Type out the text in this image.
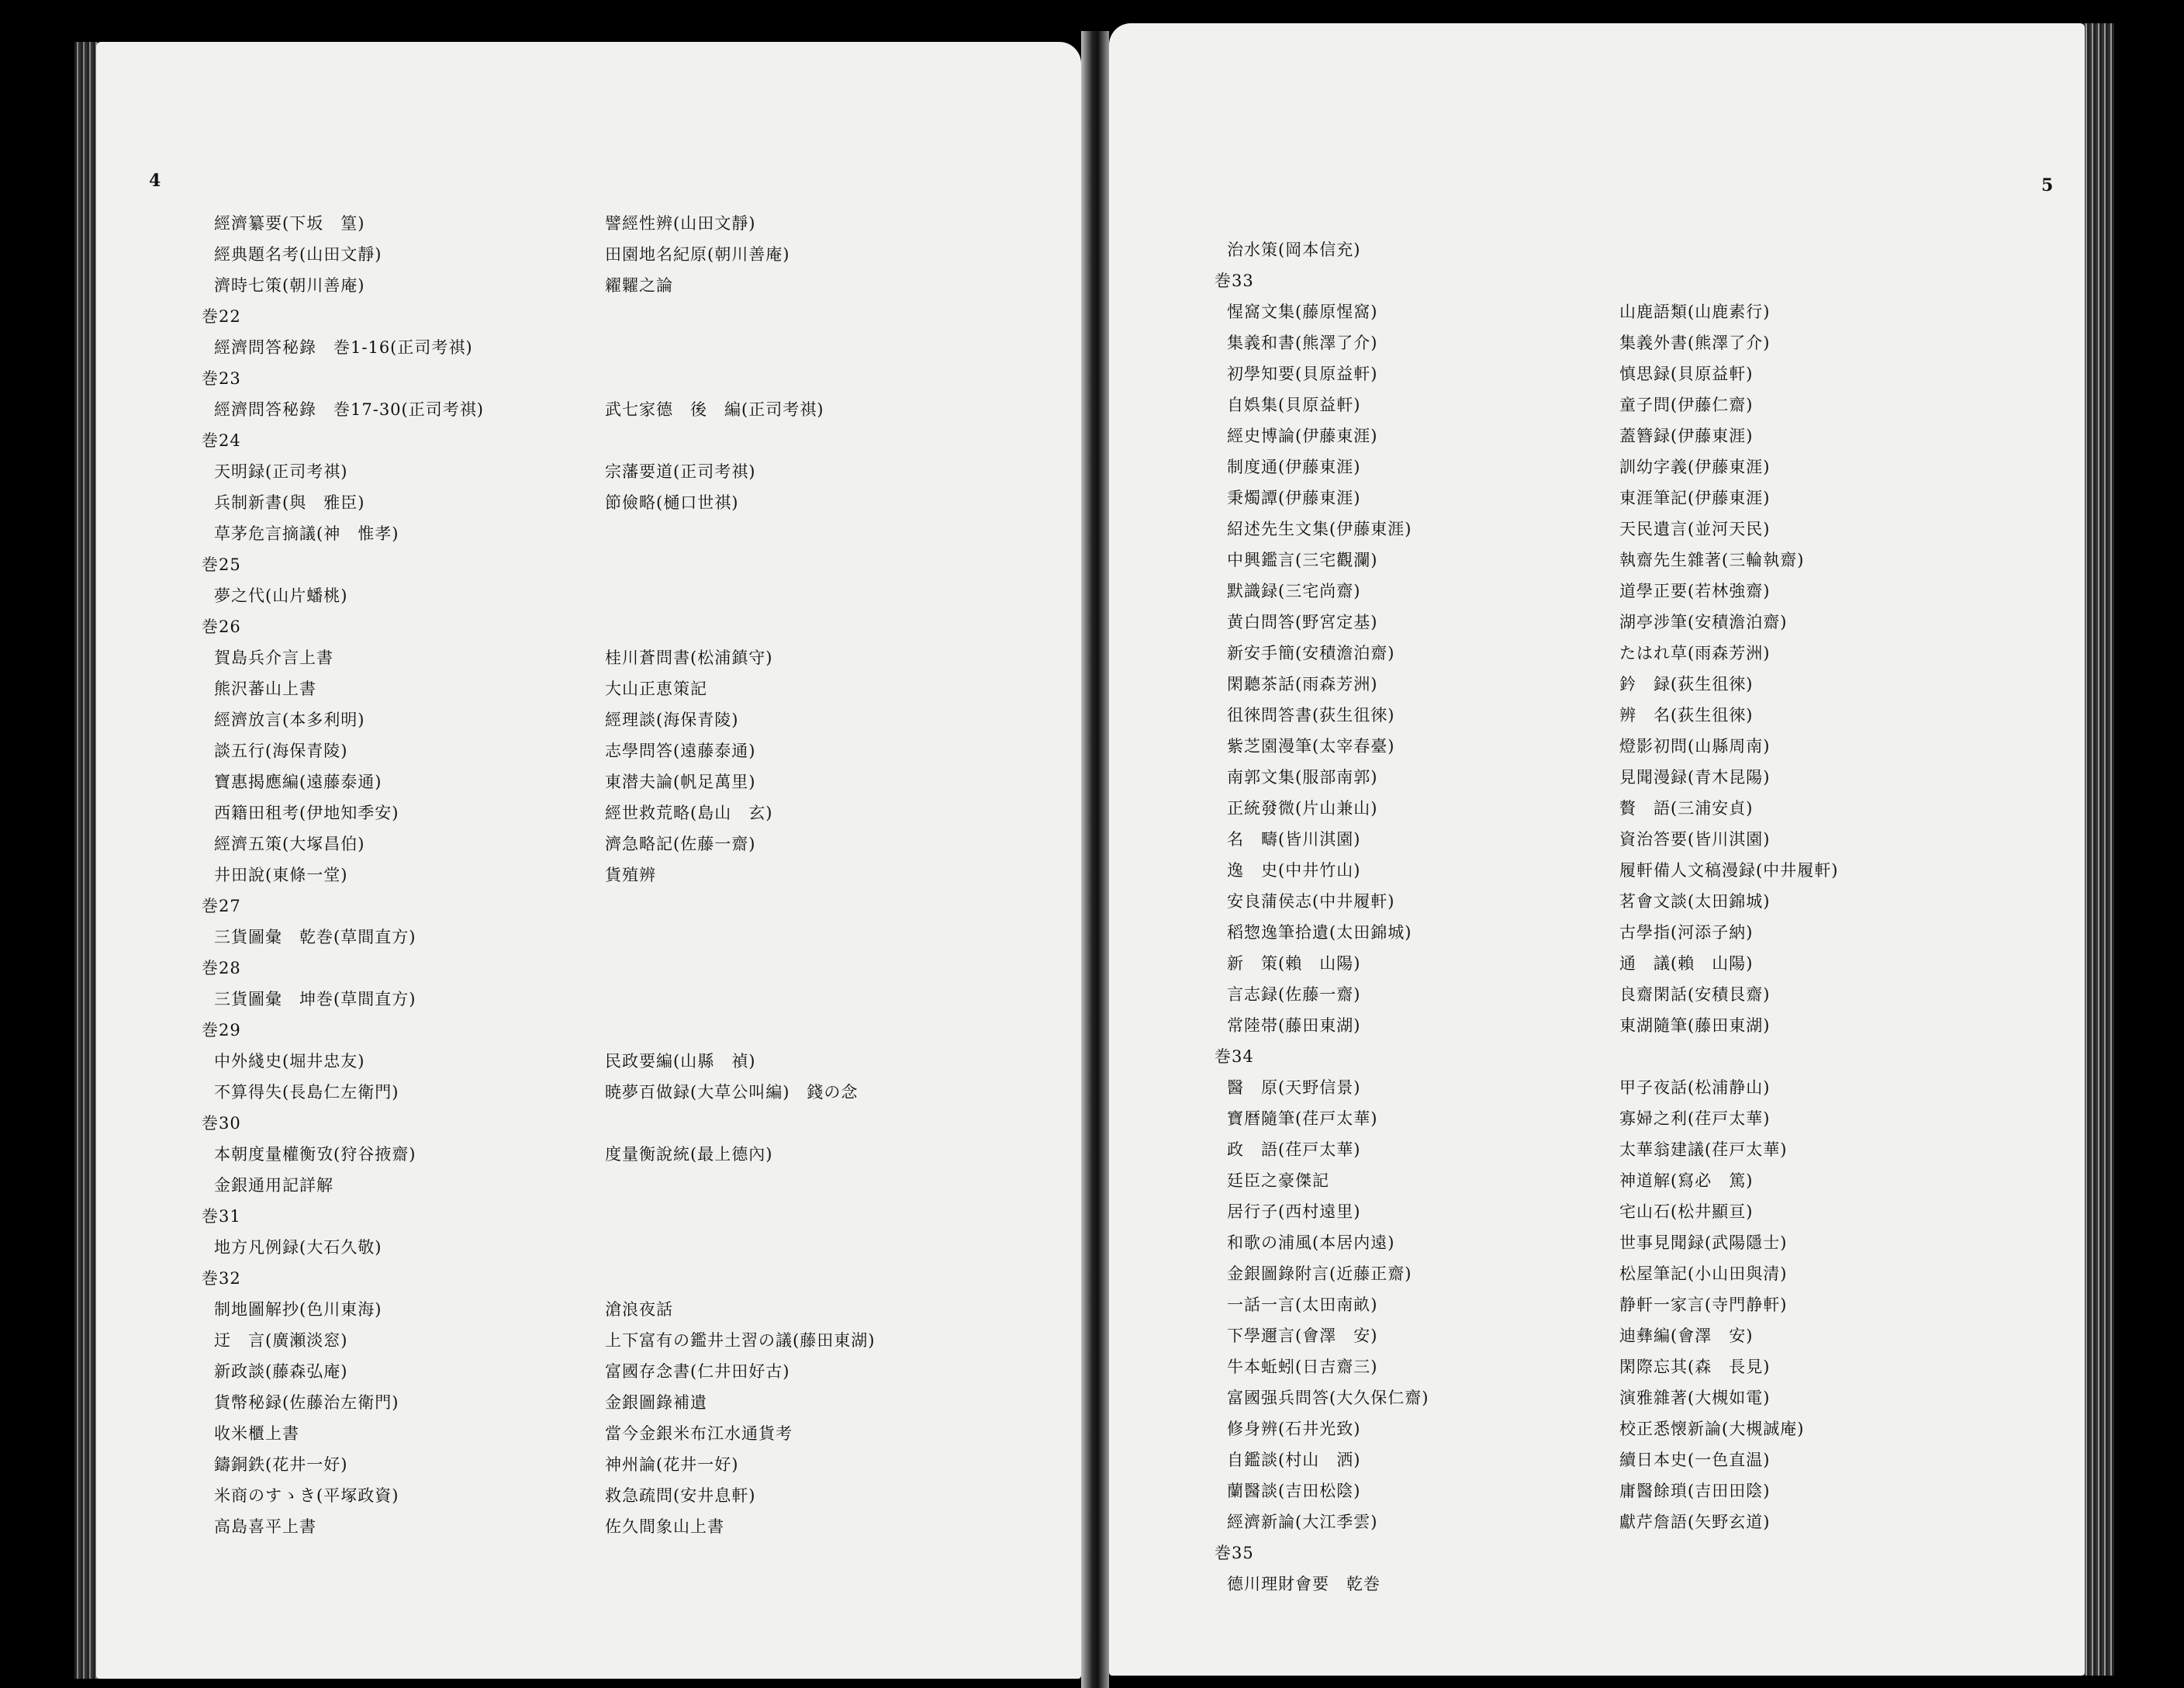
4
經濟纂要(下坂　篁)
經典題名考(山田文靜)
濟時七策(朝川善庵)
巻22
經濟問答秘錄　巻1-16(正司考祺)
巻23
經濟問答秘錄　巻17-30(正司考祺)
巻24
天明録(正司考祺)
兵制新書(與　雅臣)
草茅危言摘議(神　惟孝)
巻25
夢之代(山片蟠桃)
巻26
賀島兵介言上書
熊沢蕃山上書
經濟放言(本多利明)
談五行(海保青陵)
寶惠揭應編(遠藤泰通)
西籍田租考(伊地知季安)
經濟五策(大塚昌伯)
井田說(東條一堂)
巻27
三貨圖彙　乾巻(草間直方)
巻28
三貨圖彙　坤巻(草間直方)
巻29
中外綫史(堀井忠友)
不算得失(長島仁左衛門)
巻30
本朝度量權衡攷(狩谷掖齋)
金銀通用記詳解
巻31
地方凡例録(大石久敬)
巻32
制地圖解抄(色川東海)
迂　言(廣瀬淡窓)
新政談(藤森弘庵)
貨幣秘録(佐藤治左衛門)
收米櫃上書
鑄銅鉄(花井一好)
米商のすゝき(平塚政資)
高島喜平上書
譬經性辨(山田文靜)
田園地名紀原(朝川善庵)
糴糶之論
武七家德　後　編(正司考祺)
宗藩要道(正司考祺)
節儉略(樋口世祺)
桂川蒼問書(松浦鎮守)
大山正恵策記
經理談(海保青陵)
志學問答(遠藤泰通)
東潜夫論(帆足萬里)
經世救荒略(島山　玄)
濟急略記(佐藤一齋)
貨殖辨
民政要編(山縣　禎)
暁夢百做録(大草公叫編)　錢の念
度量衡說統(最上德內)
滄浪夜話
上下富有の鑑井土習の議(藤田東湖)
富國存念書(仁井田好古)
金銀圖錄補遺
當今金銀米布江水通貨考
神州論(花井一好)
救急疏問(安井息軒)
佐久間象山上書
5
治水策(岡本信充)
巻33
惺窩文集(藤原惺窩)
集義和書(熊澤了介)
初學知要(貝原益軒)
自娯集(貝原益軒)
經史博論(伊藤東涯)
制度通(伊藤東涯)
秉燭譚(伊藤東涯)
紹述先生文集(伊藤東涯)
中興鑑言(三宅觀瀾)
默識録(三宅尚齋)
黄白問答(野宮定基)
新安手簡(安積澹泊齋)
閑聽茶話(雨森芳洲)
徂徠問答書(荻生徂徠)
紫芝園漫筆(太宰春臺)
南郭文集(服部南郭)
正統發微(片山兼山)
名　疇(皆川淇園)
逸　史(中井竹山)
安良蒲侯志(中井履軒)
稻惣逸筆拾遺(太田錦城)
新　策(賴　山陽)
言志録(佐藤一齋)
常陸帯(藤田東湖)
巻34
醫　原(天野信景)
寶暦隨筆(荏戸太華)
政　語(荏戸太華)
廷臣之豪傑記
居行子(西村遠里)
和歌の浦風(本居内遠)
金銀圖錄附言(近藤正齋)
一話一言(太田南畝)
下學邇言(會澤　安)
牛本蚯蚓(日吉齋三)
富國强兵問答(大久保仁齋)
修身辨(石井光致)
自鑑談(村山　洒)
蘭醫談(吉田松陰)
經濟新論(大江季雲)
巻35
德川理財會要　乾巻
山鹿語類(山鹿素行)
集義外書(熊澤了介)
慎思録(貝原益軒)
童子問(伊藤仁齋)
蓋簪録(伊藤東涯)
訓幼字義(伊藤東涯)
東涯筆記(伊藤東涯)
天民遺言(並河天民)
執齋先生雜著(三輪執齋)
道學正要(若林強齋)
湖亭涉筆(安積澹泊齋)
たはれ草(雨森芳洲)
鈐　録(荻生徂徠)
辨　名(荻生徂徠)
燈影初問(山縣周南)
見聞漫録(青木昆陽)
贅　語(三浦安貞)
資治答要(皆川淇園)
履軒備人文稿漫録(中井履軒)
茗會文談(太田錦城)
古學指(河添子納)
通　議(賴　山陽)
良齋閑話(安積艮齋)
東湖隨筆(藤田東湖)
甲子夜話(松浦静山)
寡婦之利(荏戸太華)
太華翁建議(荏戸太華)
神道解(寫必　篤)
宅山石(松井顯亘)
世事見聞録(武陽隱士)
松屋筆記(小山田與清)
静軒一家言(寺門静軒)
迪彝編(會澤　安)
閑際忘其(森　長見)
演雅雜著(大槻如電)
校正悉懐新論(大槻誠庵)
續日本史(一色直温)
庸醫餘瑣(吉田田陰)
獻芹詹語(矢野玄道)
